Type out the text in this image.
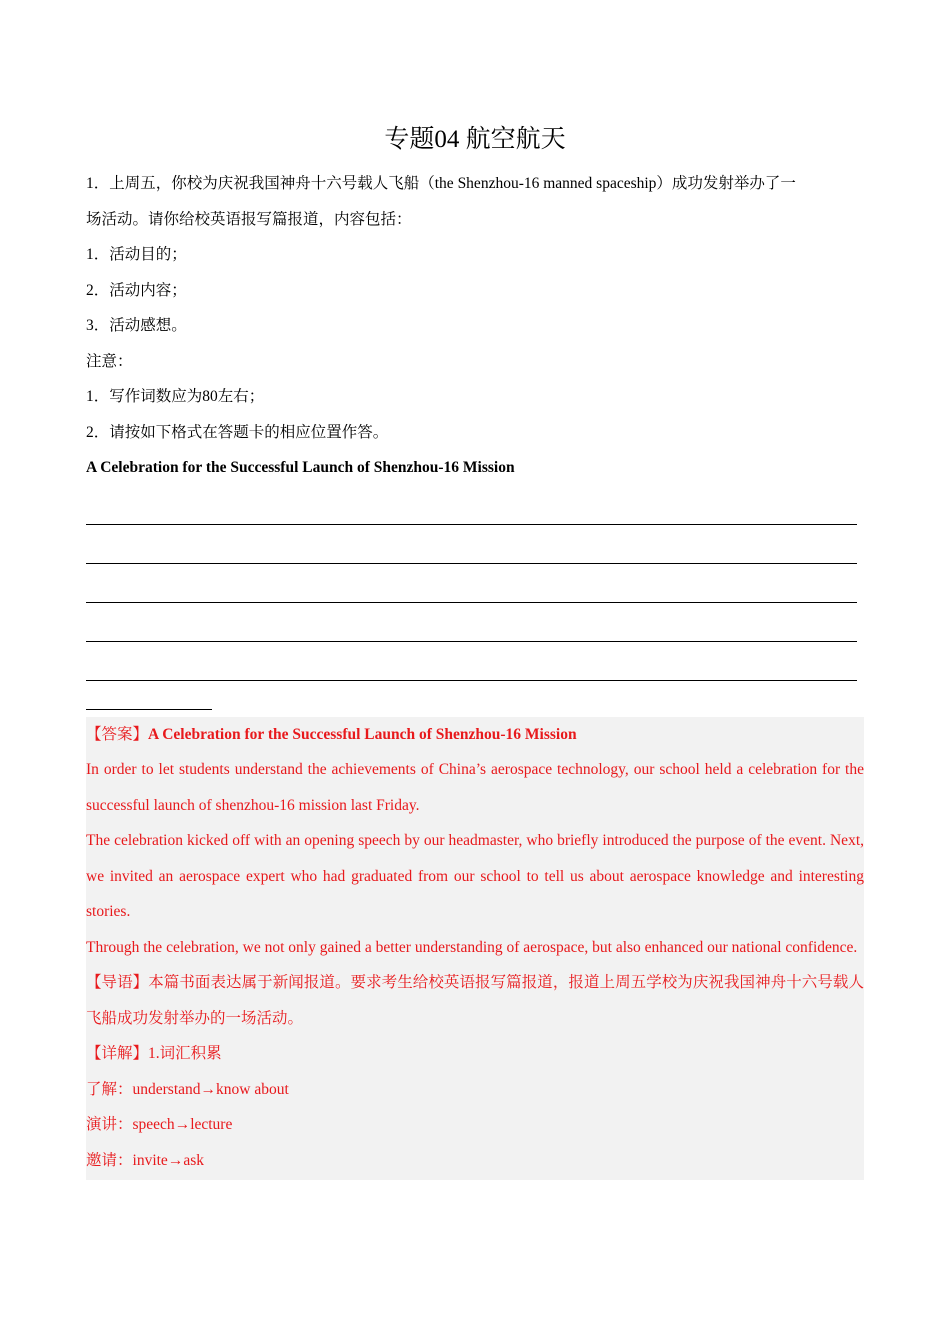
专题04 航空航天

1．上周五，你校为庆祝我国神舟十六号载人飞船（the Shenzhou-16 manned spaceship）成功发射举办了一

场活动。请你给校英语报写篇报道，内容包括：

1．活动目的；

2．活动内容；

3．活动感想。

注意：

1．写作词数应为80左右；

2．请按如下格式在答题卡的相应位置作答。

A Celebration for the Successful Launch of Shenzhou-16 Mission

【答案】A Celebration for the Successful Launch of Shenzhou-16 Mission

In order to let students understand the achievements of China’s aerospace technology, our school held a celebration for the successful launch of shenzhou-16 mission last Friday.

The celebration kicked off with an opening speech by our headmaster, who briefly introduced the purpose of the event. Next, we invited an aerospace expert who had graduated from our school to tell us about aerospace knowledge and interesting stories.

Through the celebration, we not only gained a better understanding of aerospace, but also enhanced our national confidence.

【导语】本篇书面表达属于新闻报道。要求考生给校英语报写篇报道，报道上周五学校为庆祝我国神舟十六号载人飞船成功发射举办的一场活动。

【详解】1.词汇积累

了解：understand→know about

演讲：speech→lecture

邀请：invite→ask
